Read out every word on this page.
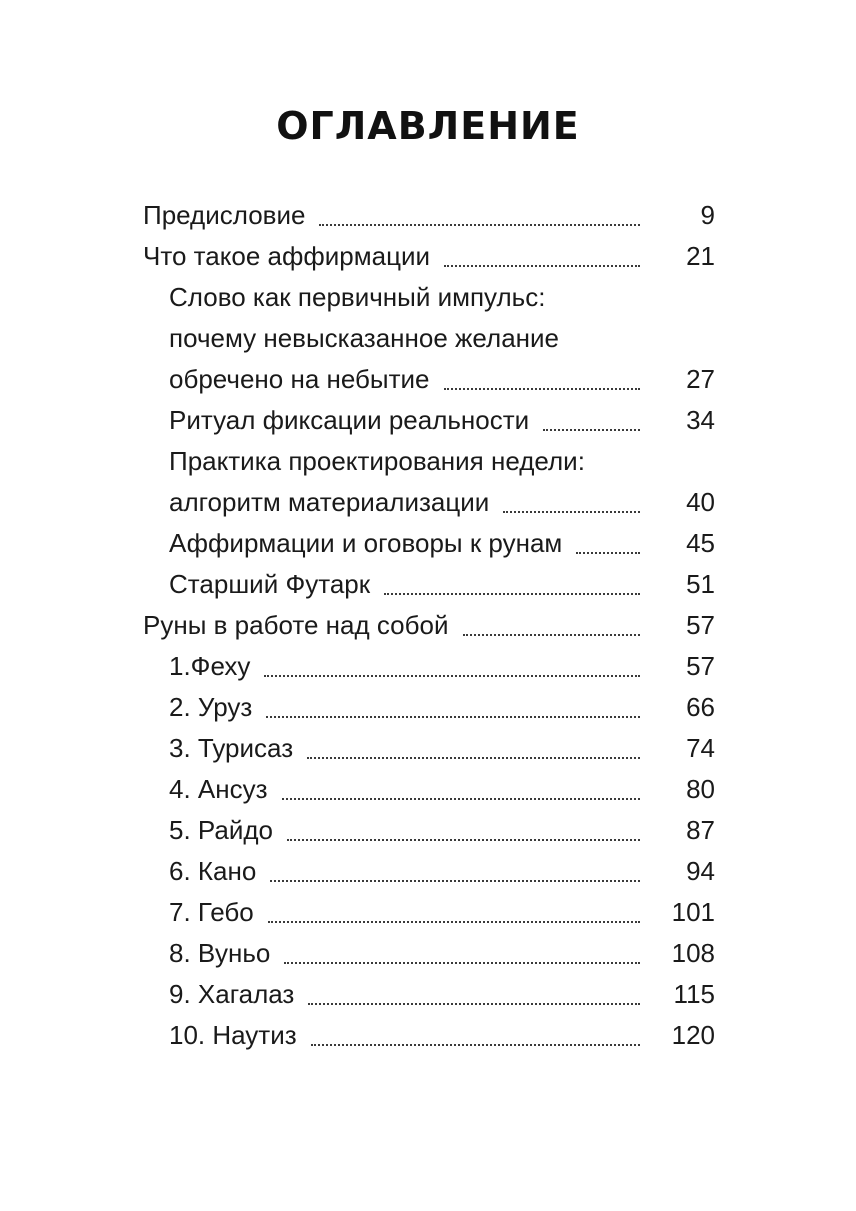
ОГЛАВЛЕНИЕ
Предисловие	9
Что такое аффирмации	21
Слово как первичный импульс:
почему невысказанное желание
обречено на небытие	27
Ритуал фиксации реальности	34
Практика проектирования недели:
алгоритм материализации	40
Аффирмации и оговоры к рунам	45
Старший Футарк	51
Руны в работе над собой	57
1.Феху	57
2. Уруз	66
3. Турисаз	74
4. Ансуз	80
5. Райдо	87
6. Кано	94
7. Гебо	101
8. Вуньо	108
9. Хагалаз	115
10. Наутиз	120
